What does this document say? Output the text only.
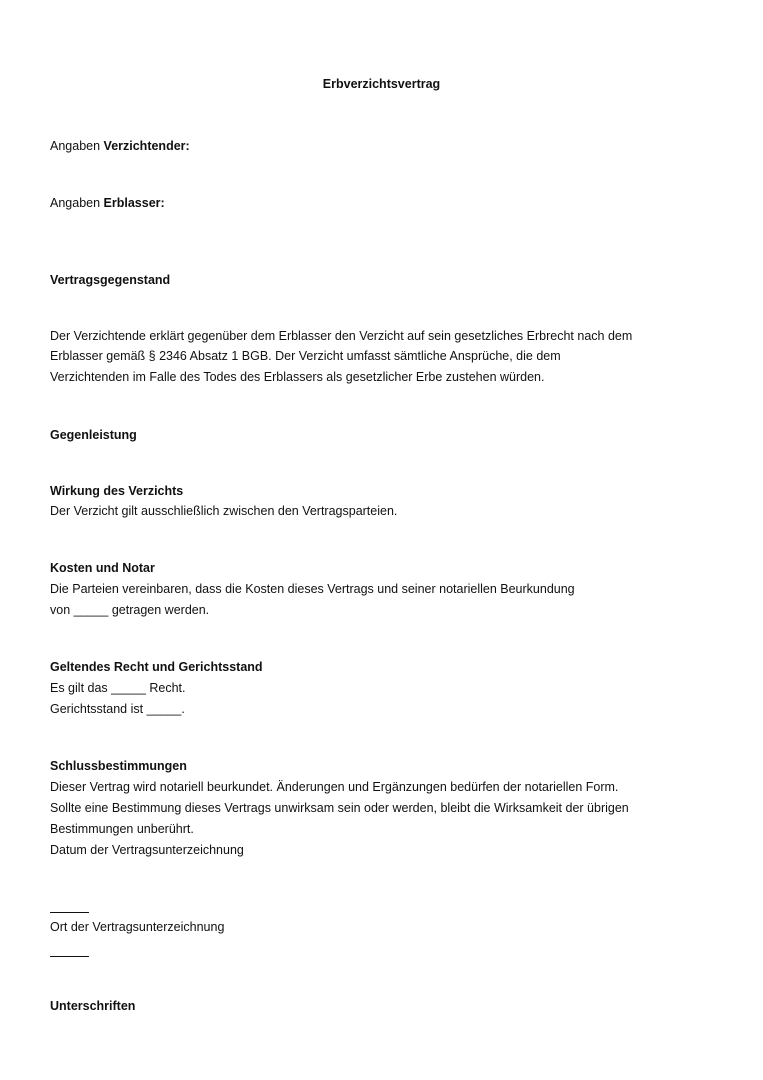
Erbverzichtsvertrag
Angaben Verzichtender:
Angaben Erblasser:
Vertragsgegenstand
Der Verzichtende erklärt gegenüber dem Erblasser den Verzicht auf sein gesetzliches Erbrecht nach dem
Erblasser gemäß § 2346 Absatz 1 BGB. Der Verzicht umfasst sämtliche Ansprüche, die dem
Verzichtenden im Falle des Todes des Erblassers als gesetzlicher Erbe zustehen würden.
Gegenleistung
Wirkung des Verzichts
Der Verzicht gilt ausschließlich zwischen den Vertragsparteien.
Kosten und Notar
Die Parteien vereinbaren, dass die Kosten dieses Vertrags und seiner notariellen Beurkundung
von _____ getragen werden.
Geltendes Recht und Gerichtsstand
Es gilt das _____ Recht.
Gerichtsstand ist _____.
Schlussbestimmungen
Dieser Vertrag wird notariell beurkundet. Änderungen und Ergänzungen bedürfen der notariellen Form.
Sollte eine Bestimmung dieses Vertrags unwirksam sein oder werden, bleibt die Wirksamkeit der übrigen
Bestimmungen unberührt.
Datum der Vertragsunterzeichnung
Ort der Vertragsunterzeichnung
Unterschriften
